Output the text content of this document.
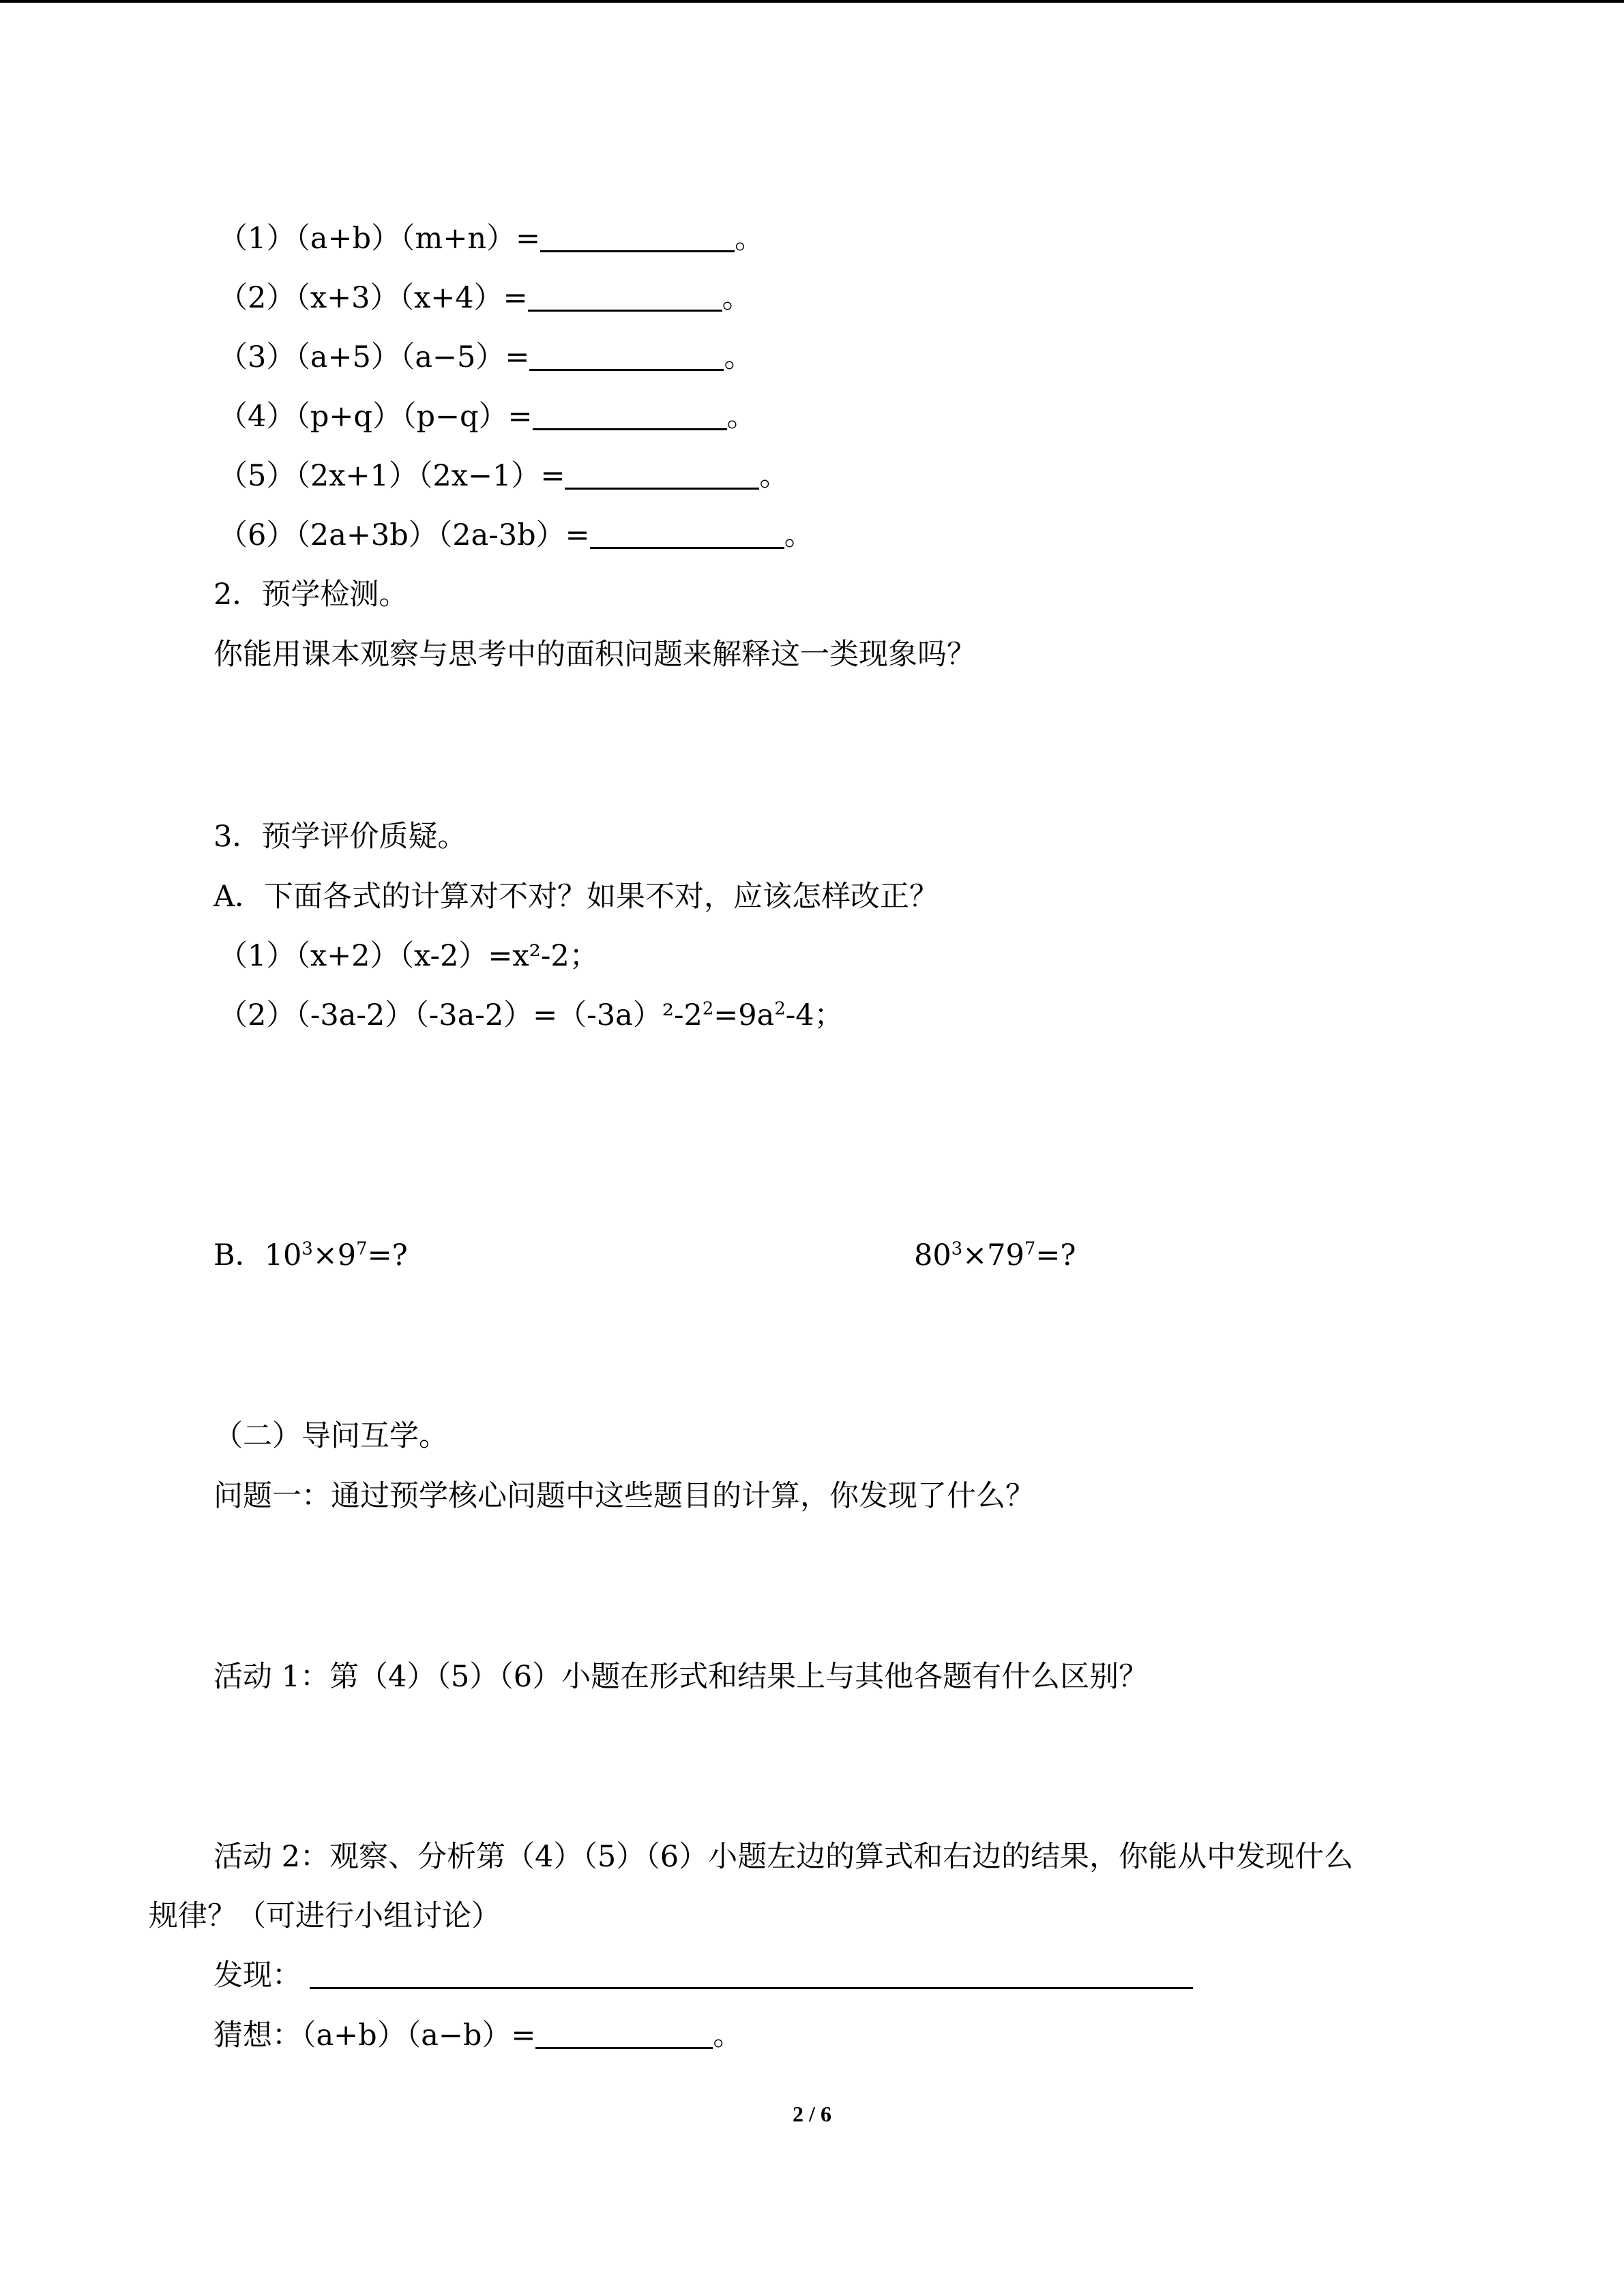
（1）（a+b）（m+n）=	。
（2）（x+3）（x+4）=	。
（3）（a+5）（a−5）=	。
（4）（p+q）（p−q）=	。
（5）（2x+1）（2x−1）=	。
（6）（2a+3b）（2a-3b）=	。
2．预学检测。
你能用课本观察与思考中的面积问题来解释这一类现象吗？
3．预学评价质疑。
A．下面各式的计算对不对？如果不对，应该怎样改正？
（1）（x+2）（x-2）=x²-2；
$(2)(-3a-2)(-3a-2)=(-3a)^2-2^2=9a^2-4$；
B．$10^3\times 9^7=$?	$80^3\times 79^7=$?
（二）导问互学。
问题一：通过预学核心问题中这些题目的计算，你发现了什么？
活动 1：第（4）（5）（6）小题在形式和结果上与其他各题有什么区别？
活动 2：观察、分析第（4）（5）（6）小题左边的算式和右边的结果，你能从中发现什么
规律？（可进行小组讨论）
发现：
猜想：（a+b）（a−b）=	。
2 / 6
